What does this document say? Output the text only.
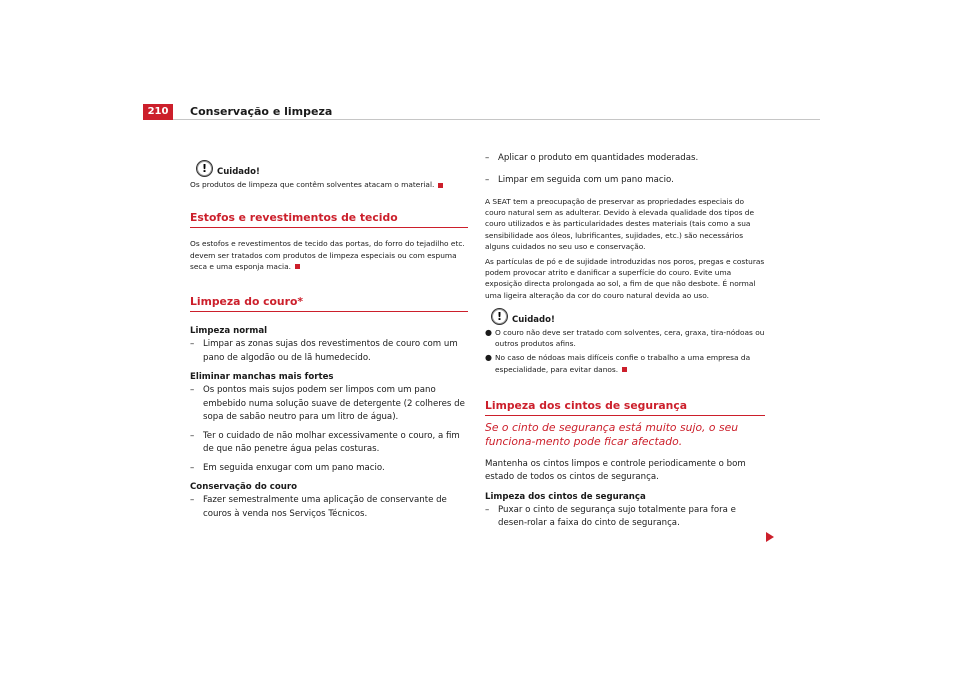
210	Conservação e limpeza
!	Cuidado!
Os produtos de limpeza que contêm solventes atacam o material.
Estofos e revestimentos de tecido
Os estofos e revestimentos de tecido das portas, do forro do tejadilho etc. devem ser tratados com produtos de limpeza especiais ou com espuma seca e uma esponja macia.
Limpeza do couro*
Limpeza normal
–	Limpar as zonas sujas dos revestimentos de couro com um pano de algodão ou de lã humedecido.
Eliminar manchas mais fortes
–	Os pontos mais sujos podem ser limpos com um pano embebido numa solução suave de detergente (2 colheres de sopa de sabão neutro para um litro de água).
–	Ter o cuidado de não molhar excessivamente o couro, a fim de que não penetre água pelas costuras.
–	Em seguida enxugar com um pano macio.
Conservação do couro
–	Fazer semestralmente uma aplicação de conservante de couros à venda nos Serviços Técnicos.
–	Aplicar o produto em quantidades moderadas.
–	Limpar em seguida com um pano macio.
A SEAT tem a preocupação de preservar as propriedades especiais do couro natural sem as adulterar. Devido à elevada qualidade dos tipos de couro utilizados e às particularidades destes materiais (tais como a sua sensibilidade aos óleos, lubrificantes, sujidades, etc.) são necessários alguns cuidados no seu uso e conservação.
As partículas de pó e de sujidade introduzidas nos poros, pregas e costuras podem provocar atrito e danificar a superfície do couro. Evite uma exposição directa prolongada ao sol, a fim de que não desbote. É normal uma ligeira alteração da cor do couro natural devida ao uso.
!	Cuidado!
● O couro não deve ser tratado com solventes, cera, graxa, tira-nódoas ou outros produtos afins.
● No caso de nódoas mais difíceis confie o trabalho a uma empresa da especialidade, para evitar danos.
Limpeza dos cintos de segurança
Se o cinto de segurança está muito sujo, o seu funciona-mento pode ficar afectado.
Mantenha os cintos limpos e controle periodicamente o bom estado de todos os cintos de segurança.
Limpeza dos cintos de segurança
–	Puxar o cinto de segurança sujo totalmente para fora e desen-rolar a faixa do cinto de segurança.
